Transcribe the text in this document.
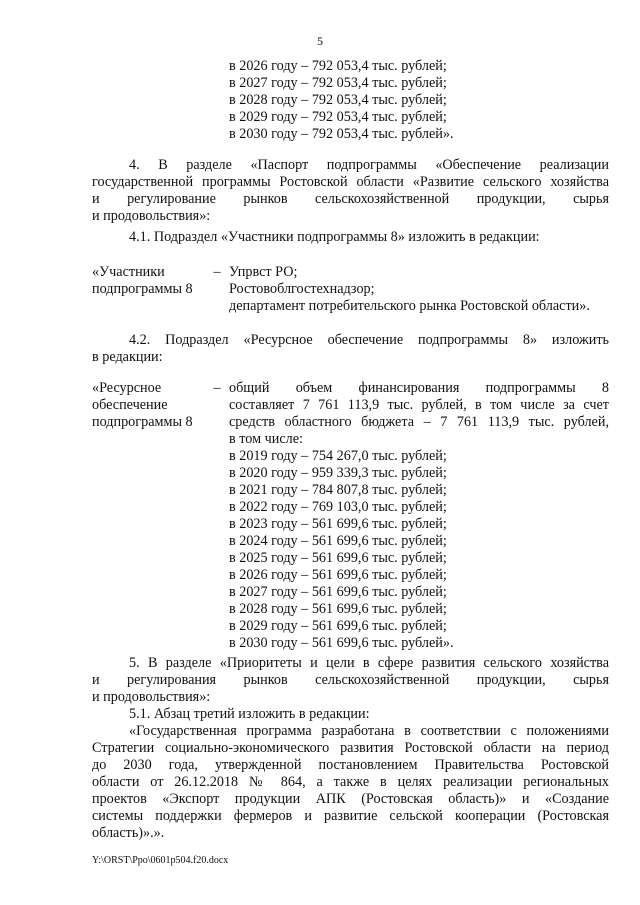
5
в 2026 году – 792 053,4 тыс. рублей;
в 2027 году – 792 053,4 тыс. рублей;
в 2028 году – 792 053,4 тыс. рублей;
в 2029 году – 792 053,4 тыс. рублей;
в 2030 году – 792 053,4 тыс. рублей».
4. В разделе «Паспорт подпрограммы «Обеспечение реализации
государственной программы Ростовской области «Развитие сельского хозяйства
и регулирование рынков сельскохозяйственной продукции, сырья
и продовольствия»:
4.1. Подраздел «Участники подпрограммы 8» изложить в редакции:
«Участники
подпрограммы 8
– Упрвст РО;
Ростовоблгостехнадзор;
департамент потребительского рынка Ростовской области».
4.2. Подраздел «Ресурсное обеспечение подпрограммы 8» изложить
в редакции:
«Ресурсное
обеспечение
подпрограммы 8
– общий объем финансирования подпрограммы 8
составляет 7 761 113,9 тыс. рублей, в том числе за счет
средств областного бюджета – 7 761 113,9 тыс. рублей,
в том числе:
в 2019 году – 754 267,0 тыс. рублей;
в 2020 году – 959 339,3 тыс. рублей;
в 2021 году – 784 807,8 тыс. рублей;
в 2022 году – 769 103,0 тыс. рублей;
в 2023 году – 561 699,6 тыс. рублей;
в 2024 году – 561 699,6 тыс. рублей;
в 2025 году – 561 699,6 тыс. рублей;
в 2026 году – 561 699,6 тыс. рублей;
в 2027 году – 561 699,6 тыс. рублей;
в 2028 году – 561 699,6 тыс. рублей;
в 2029 году – 561 699,6 тыс. рублей;
в 2030 году – 561 699,6 тыс. рублей».
5. В разделе «Приоритеты и цели в сфере развития сельского хозяйства
и регулирования рынков сельскохозяйственной продукции, сырья
и продовольствия»:
5.1. Абзац третий изложить в редакции:
«Государственная программа разработана в соответствии с положениями
Стратегии социально-экономического развития Ростовской области на период
до 2030 года, утвержденной постановлением Правительства Ростовской
области от 26.12.2018 № 864, а также в целях реализации региональных
проектов «Экспорт продукции АПК (Ростовская область)» и «Создание
системы поддержки фермеров и развитие сельской кооперации (Ростовская
область)».».
Y:\ORST\Ppo\0601p504.f20.docx
